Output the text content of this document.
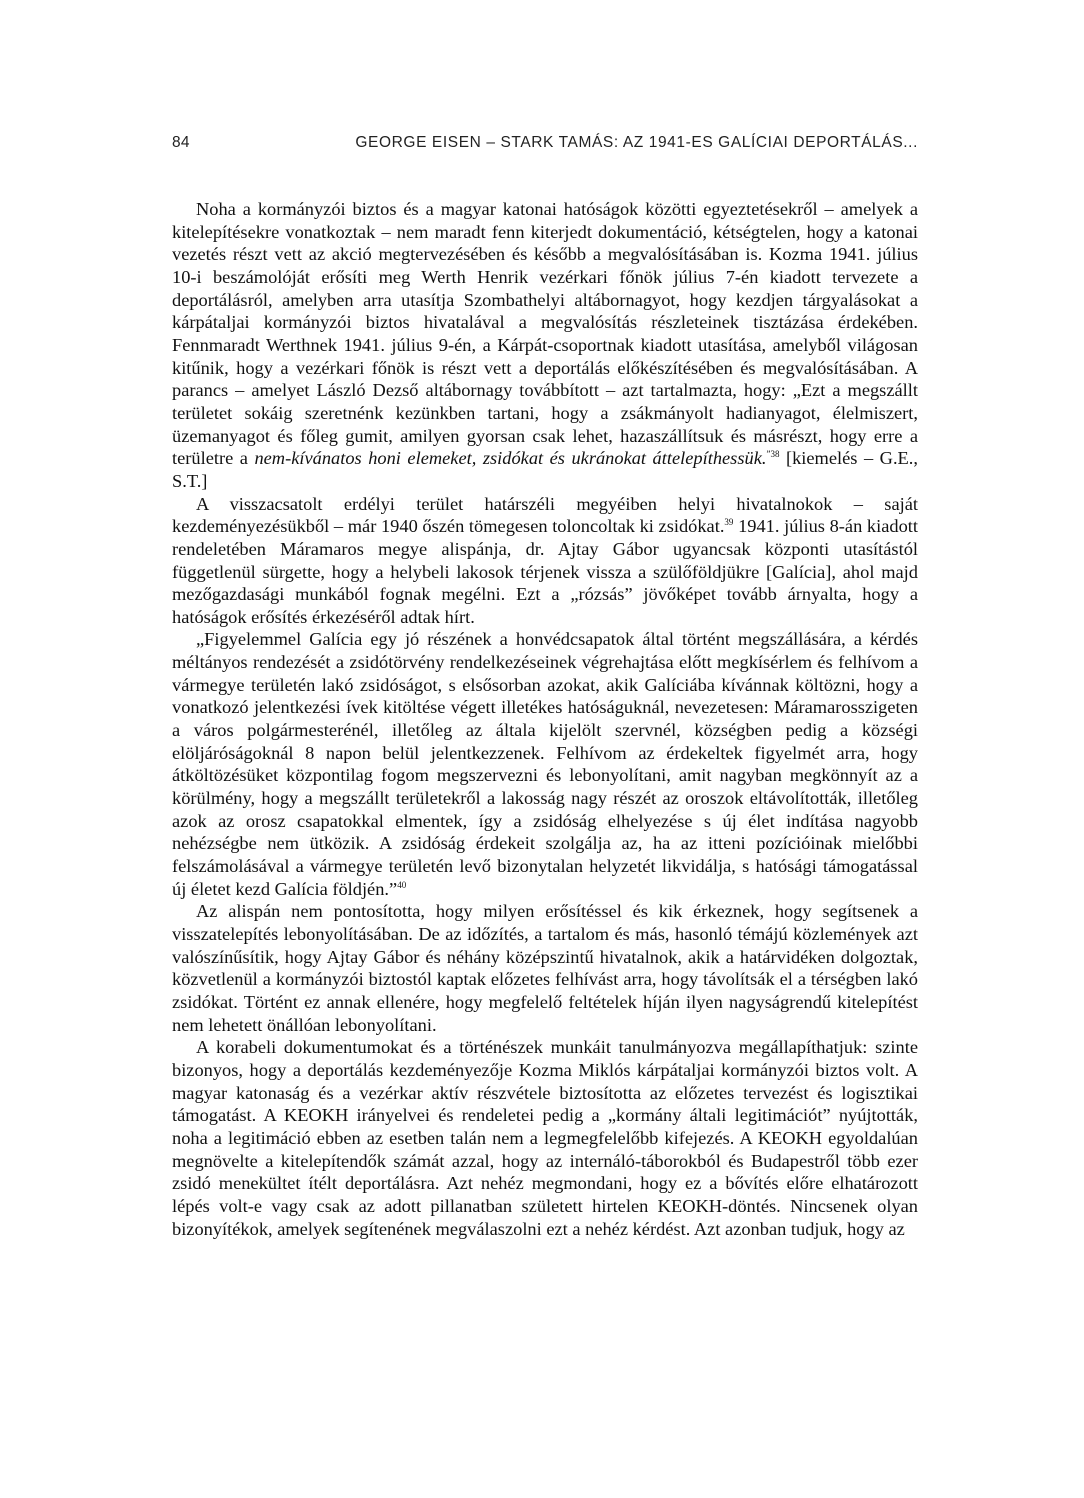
84	GEORGE EISEN – STARK TAMÁS: AZ 1941-ES GALÍCIAI DEPORTÁLÁS...

Noha a kormányzói biztos és a magyar katonai hatóságok közötti egyeztetésekről – amelyek a kitelepítésekre vonatkoztak – nem maradt fenn kiterjedt dokumentáció, kétségtelen, hogy a katonai vezetés részt vett az akció megtervezésében és később a megvalósításában is. Kozma 1941. július 10-i beszámolóját erősíti meg Werth Henrik vezérkari főnök július 7-én kiadott tervezete a deportálásról, amelyben arra utasítja Szombathelyi altábornagyot, hogy kezdjen tárgyalásokat a kárpátaljai kormányzói biztos hivatalával a megvalósítás részleteinek tisztázása érdekében. Fennmaradt Werthnek 1941. július 9-én, a Kárpát-csoportnak kiadott utasítása, amelyből világosan kitűnik, hogy a vezérkari főnök is részt vett a deportálás előkészítésében és megvalósításában. A parancs – amelyet László Dezső altábornagy továbbított – azt tartalmazta, hogy: „Ezt a megszállt területet sokáig szeretnénk kezünkben tartani, hogy a zsákmányolt hadianyagot, élelmiszert, üzemanyagot és főleg gumit, amilyen gyorsan csak lehet, hazaszállítsuk és másrészt, hogy erre a területre a nem-kívánatos honi elemeket, zsidókat és ukránokat áttelepíthessük.$^{”38}$ [kiemelés – G.E., S.T.]

A visszacsatolt erdélyi terület határszéli megyéiben helyi hivatalnokok – saját kezdeményezésükből – már 1940 őszén tömegesen toloncoltak ki zsidókat.$^{39}$ 1941. július 8-án kiadott rendeletében Máramaros megye alispánja, dr. Ajtay Gábor ugyancsak központi utasítástól függetlenül sürgette, hogy a helybeli lakosok térjenek vissza a szülőföldjükre [Galícia], ahol majd mezőgazdasági munkából fognak megélni. Ezt a „rózsás” jövőképet tovább árnyalta, hogy a hatóságok erősítés érkezéséről adtak hírt.

„Figyelemmel Galícia egy jó részének a honvédcsapatok által történt megszállására, a kérdés méltányos rendezését a zsidótörvény rendelkezéseinek végrehajtása előtt megkísérlem és felhívom a vármegye területén lakó zsidóságot, s elsősorban azokat, akik Galíciába kívánnak költözni, hogy a vonatkozó jelentkezési ívek kitöltése végett illetékes hatóságuknál, nevezetesen: Máramarosszigeten a város polgármesterénél, illetőleg az általa kijelölt szervnél, községben pedig a községi elöljáróságoknál 8 napon belül jelentkezzenek. Felhívom az érdekeltek figyelmét arra, hogy átköltözésüket központilag fogom megszervezni és lebonyolítani, amit nagyban megkönnyít az a körülmény, hogy a megszállt területekről a lakosság nagy részét az oroszok eltávolították, illetőleg azok az orosz csapatokkal elmentek, így a zsidóság elhelyezése s új élet indítása nagyobb nehézségbe nem ütközik. A zsidóság érdekeit szolgálja az, ha az itteni pozícióinak mielőbbi felszámolásával a vármegye területén levő bizonytalan helyzetét likvidálja, s hatósági támogatással új életet kezd Galícia földjén.”$^{40}$

Az alispán nem pontosította, hogy milyen erősítéssel és kik érkeznek, hogy segítsenek a visszatelepítés lebonyolításában. De az időzítés, a tartalom és más, hasonló témájú közlemények azt valószínűsítik, hogy Ajtay Gábor és néhány középszintű hivatalnok, akik a határvidéken dolgoztak, közvetlenül a kormányzói biztostól kaptak előzetes felhívást arra, hogy távolítsák el a térségben lakó zsidókat. Történt ez annak ellenére, hogy megfelelő feltételek híján ilyen nagyságrendű kitelepítést nem lehetett önállóan lebonyolítani.

A korabeli dokumentumokat és a történészek munkáit tanulmányozva megállapíthatjuk: szinte bizonyos, hogy a deportálás kezdeményezője Kozma Miklós kárpátaljai kormányzói biztos volt. A magyar katonaság és a vezérkar aktív részvétele biztosította az előzetes tervezést és logisztikai támogatást. A KEOKH irányelvei és rendeletei pedig a „kormány általi legitimációt” nyújtották, noha a legitimáció ebben az esetben talán nem a legmegfelelőbb kifejezés. A KEOKH egyoldalúan megnövelte a kitelepítendők számát azzal, hogy az internáló-táborokból és Budapestről több ezer zsidó menekültet ítélt deportálásra. Azt nehéz megmondani, hogy ez a bővítés előre elhatározott lépés volt-e vagy csak az adott pillanatban született hirtelen KEOKH-döntés. Nincsenek olyan bizonyítékok, amelyek segítenének megválaszolni ezt a nehéz kérdést. Azt azonban tudjuk, hogy az
